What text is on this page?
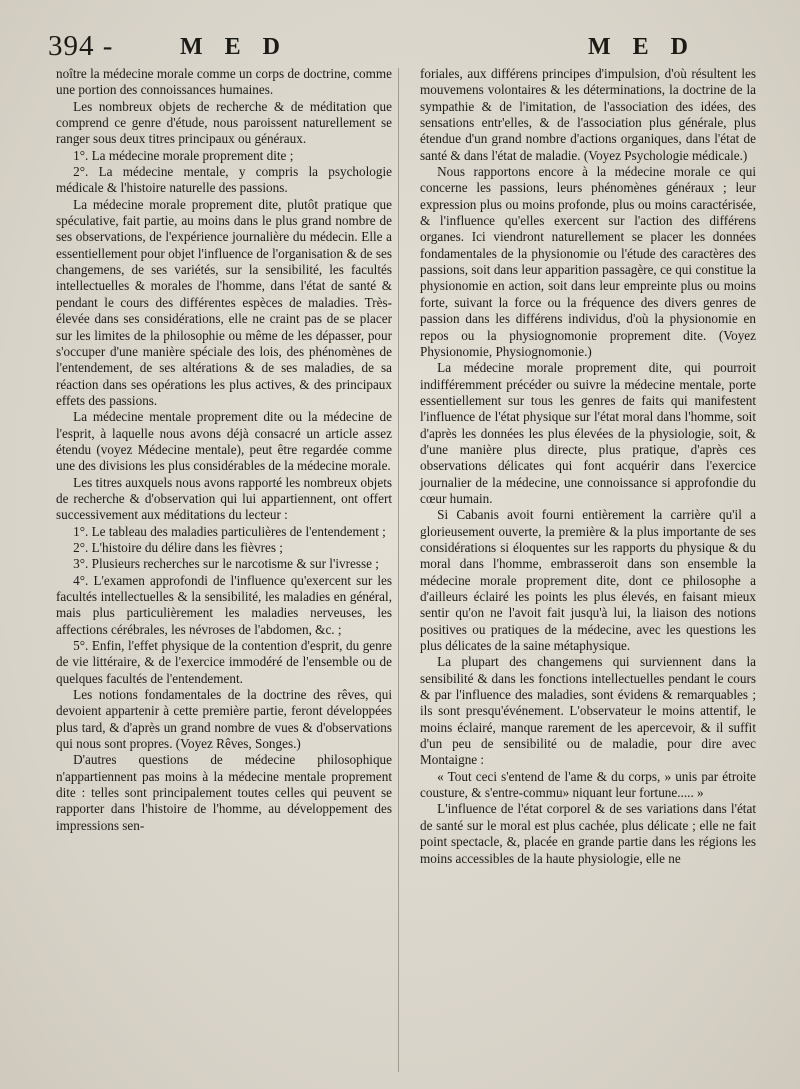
394 -	M E D	M E D

noître la médecine morale comme un corps de doctrine, comme une portion des connoissances humaines.

Les nombreux objets de recherche & de méditation que comprend ce genre d'étude, nous paroissent naturellement se ranger sous deux titres principaux ou généraux.

1°. La médecine morale proprement dite ;

2°. La médecine mentale, y compris la psychologie médicale & l'histoire naturelle des passions.

La médecine morale proprement dite, plutôt pratique que spéculative, fait partie, au moins dans le plus grand nombre de ses observations, de l'expérience journalière du médecin. Elle a essentiellement pour objet l'influence de l'organisation & de ses changemens, de ses variétés, sur la sensibilité, les facultés intellectuelles & morales de l'homme, dans l'état de santé & pendant le cours des différentes espèces de maladies. Très-élevée dans ses considérations, elle ne craint pas de se placer sur les limites de la philosophie ou même de les dépasser, pour s'occuper d'une manière spéciale des lois, des phénomènes de l'entendement, de ses altérations & de ses maladies, de sa réaction dans ses opérations les plus actives, & des principaux effets des passions.

La médecine mentale proprement dite ou la médecine de l'esprit, à laquelle nous avons déjà consacré un article assez étendu (voyez Médecine mentale), peut être regardée comme une des divisions les plus considérables de la médecine morale.

Les titres auxquels nous avons rapporté les nombreux objets de recherche & d'observation qui lui appartiennent, ont offert successivement aux méditations du lecteur :

1°. Le tableau des maladies particulières de l'entendement ;

2°. L'histoire du délire dans les fièvres ;

3°. Plusieurs recherches sur le narcotisme & sur l'ivresse ;

4°. L'examen approfondi de l'influence qu'exercent sur les facultés intellectuelles & la sensibilité, les maladies en général, mais plus particulièrement les maladies nerveuses, les affections cérébrales, les névroses de l'abdomen, &c. ;

5°. Enfin, l'effet physique de la contention d'esprit, du genre de vie littéraire, & de l'exercice immodéré de l'ensemble ou de quelques facultés de l'entendement.

Les notions fondamentales de la doctrine des rêves, qui devoient appartenir à cette première partie, feront développées plus tard, & d'après un grand nombre de vues & d'observations qui nous sont propres. (Voyez Rêves, Songes.)

D'autres questions de médecine philosophique n'appartiennent pas moins à la médecine mentale proprement dite : telles sont principalement toutes celles qui peuvent se rapporter dans l'histoire de l'homme, au développement des impressions sen-

foriales, aux différens principes d'impulsion, d'où résultent les mouvemens volontaires & les déterminations, la doctrine de la sympathie & de l'imitation, de l'association des idées, des sensations entr'elles, & de l'association plus générale, plus étendue d'un grand nombre d'actions organiques, dans l'état de santé & dans l'état de maladie. (Voyez Psychologie médicale.)

Nous rapportons encore à la médecine morale ce qui concerne les passions, leurs phénomènes généraux ; leur expression plus ou moins profonde, plus ou moins caractérisée, & l'influence qu'elles exercent sur l'action des différens organes. Ici viendront naturellement se placer les données fondamentales de la physionomie ou l'étude des caractères des passions, soit dans leur apparition passagère, ce qui constitue la physionomie en action, soit dans leur empreinte plus ou moins forte, suivant la force ou la fréquence des divers genres de passion dans les différens individus, d'où la physionomie en repos ou la physiognomonie proprement dite. (Voyez Physionomie, Physiognomonie.)

La médecine morale proprement dite, qui pourroit indifféremment précéder ou suivre la médecine mentale, porte essentiellement sur tous les genres de faits qui manifestent l'influence de l'état physique sur l'état moral dans l'homme, soit d'après les données les plus élevées de la physiologie, soit, & d'une manière plus directe, plus pratique, d'après ces observations délicates qui font acquérir dans l'exercice journalier de la médecine, une connoissance si approfondie du cœur humain.

Si Cabanis avoit fourni entièrement la carrière qu'il a glorieusement ouverte, la première & la plus importante de ses considérations si éloquentes sur les rapports du physique & du moral dans l'homme, embrasseroit dans son ensemble la médecine morale proprement dite, dont ce philosophe a d'ailleurs éclairé les points les plus élevés, en faisant mieux sentir qu'on ne l'avoit fait jusqu'à lui, la liaison des notions positives ou pratiques de la médecine, avec les questions les plus délicates de la saine métaphysique.

La plupart des changemens qui surviennent dans la sensibilité & dans les fonctions intellectuelles pendant le cours & par l'influence des maladies, sont évidens & remarquables ; ils sont presqu'événement. L'observateur le moins attentif, le moins éclairé, manque rarement de les apercevoir, & il suffit d'un peu de sensibilité ou de maladie, pour dire avec Montaigne :

« Tout ceci s'entend de l'ame & du corps, » unis par étroite cousture, & s'entre-commu» niquant leur fortune..... »

L'influence de l'état corporel & de ses variations dans l'état de santé sur le moral est plus cachée, plus délicate ; elle ne fait point spectacle, &, placée en grande partie dans les régions les moins accessibles de la haute physiologie, elle ne
